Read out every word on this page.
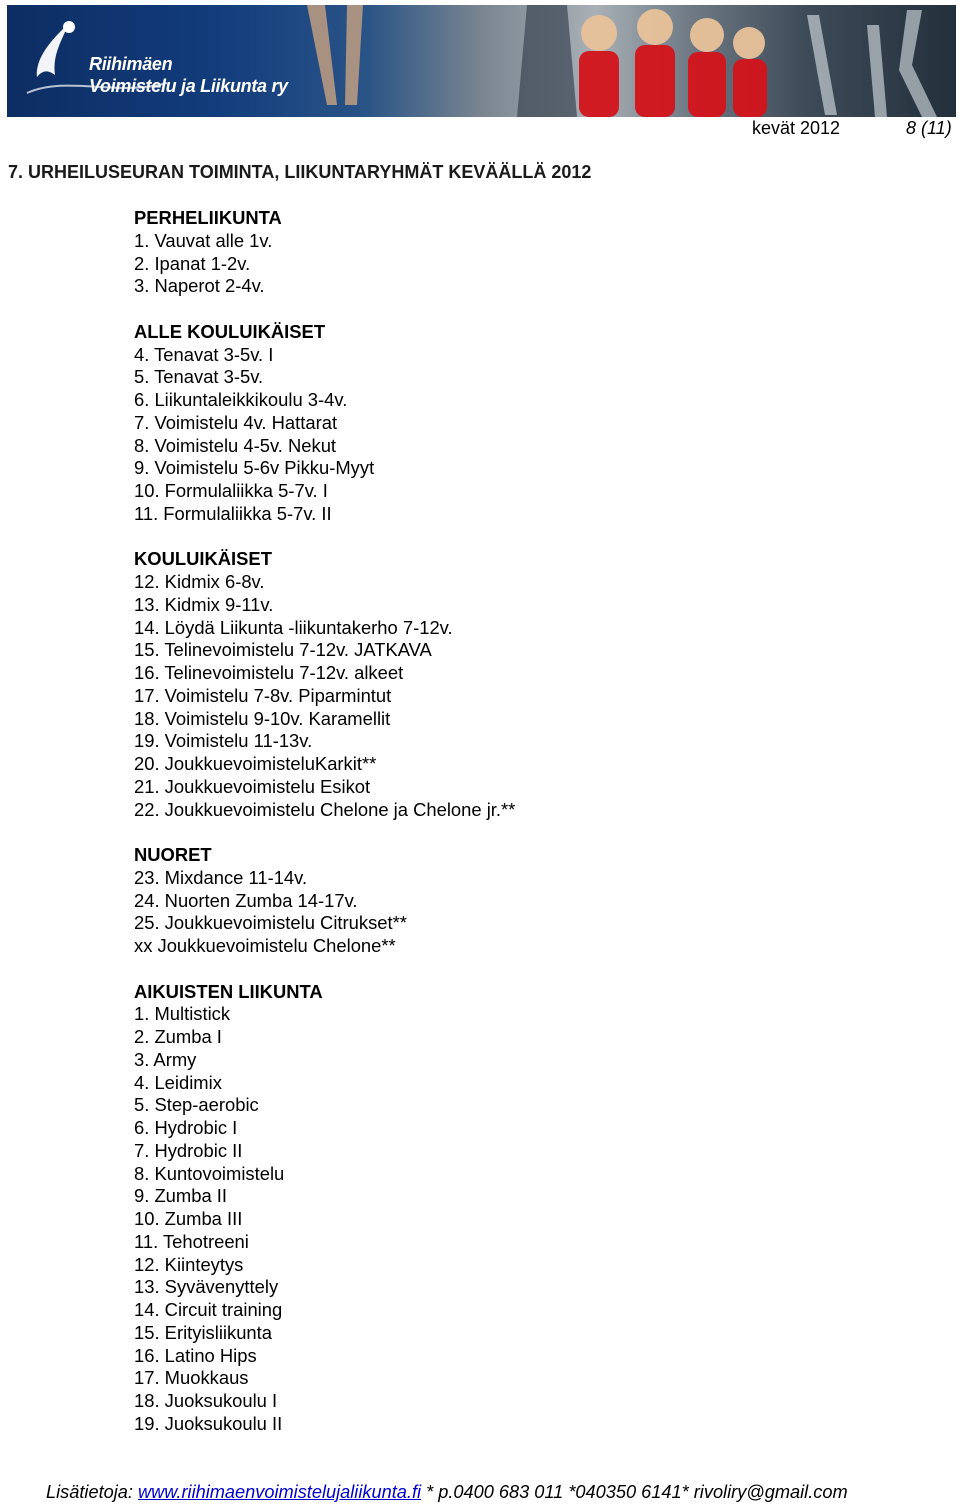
Riihimäen
Voimistelu ja Liikunta ry
kevät 2012	8 (11)
7. URHEILUSEURAN TOIMINTA, LIIKUNTARYHMÄT KEVÄÄLLÄ 2012
PERHELIIKUNTA
1. Vauvat alle 1v.
2. Ipanat 1-2v.
3. Naperot 2-4v.
ALLE KOULUIKÄISET
4. Tenavat 3-5v. I
5. Tenavat 3-5v.
6. Liikuntaleikkikoulu 3-4v.
7. Voimistelu 4v. Hattarat
8. Voimistelu 4-5v. Nekut
9. Voimistelu 5-6v Pikku-Myyt
10. Formulaliikka 5-7v. I
11. Formulaliikka 5-7v. II
KOULUIKÄISET
12. Kidmix 6-8v.
13. Kidmix 9-11v.
14. Löydä Liikunta -liikuntakerho 7-12v.
15. Telinevoimistelu 7-12v. JATKAVA
16. Telinevoimistelu 7-12v. alkeet
17. Voimistelu 7-8v. Piparmintut
18. Voimistelu 9-10v. Karamellit
19. Voimistelu 11-13v.
20. JoukkuevoimisteluKarkit**
21. Joukkuevoimistelu Esikot
22. Joukkuevoimistelu Chelone ja Chelone jr.**
NUORET
23. Mixdance 11-14v.
24. Nuorten Zumba 14-17v.
25. Joukkuevoimistelu Citrukset**
xx Joukkuevoimistelu Chelone**
AIKUISTEN LIIKUNTA
1. Multistick
2. Zumba I
3. Army
4. Leidimix
5. Step-aerobic
6. Hydrobic I
7. Hydrobic II
8. Kuntovoimistelu
9. Zumba II
10. Zumba III
11. Tehotreeni
12. Kiinteytys
13. Syvävenyttely
14. Circuit training
15. Erityisliikunta
16. Latino Hips
17. Muokkaus
18. Juoksukoulu I
19. Juoksukoulu II
Lisätietoja: www.riihimaenvoimistelujaliikunta.fi * p.0400 683 011 *040350 6141* rivoliry@gmail.com
